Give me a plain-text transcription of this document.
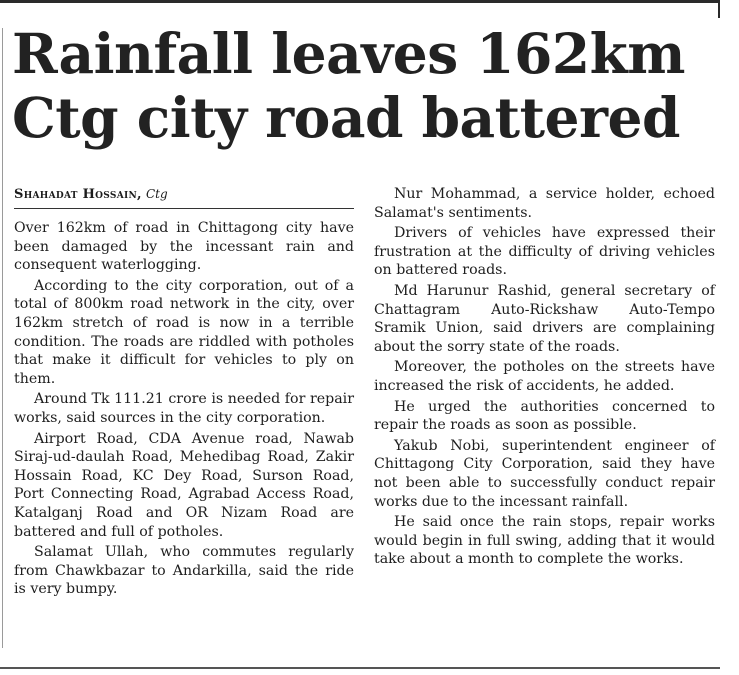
Rainfall leaves 162km Ctg city road battered
Shahadat Hossain, Ctg

Over 162km of road in Chittagong city have been damaged by the incessant rain and consequent waterlogging.

According to the city corporation, out of a total of 800km road network in the city, over 162km stretch of road is now in a terrible condition. The roads are riddled with potholes that make it difficult for vehicles to ply on them.

Around Tk 111.21 crore is needed for repair works, said sources in the city corporation.

Airport Road, CDA Avenue road, Nawab Siraj-ud-daulah Road, Mehedibag Road, Zakir Hossain Road, KC Dey Road, Surson Road, Port Connecting Road, Agrabad Access Road, Katalganj Road and OR Nizam Road are battered and full of potholes.

Salamat Ullah, who commutes regularly from Chawkbazar to Andarkilla, said the ride is very bumpy.

Nur Mohammad, a service holder, echoed Salamat's sentiments.

Drivers of vehicles have expressed their frustration at the difficulty of driving vehicles on battered roads.

Md Harunur Rashid, general secretary of Chattagram Auto-Rickshaw Auto-Tempo Sramik Union, said drivers are complaining about the sorry state of the roads.

Moreover, the potholes on the streets have increased the risk of accidents, he added.

He urged the authorities concerned to repair the roads as soon as possible.

Yakub Nobi, superintendent engineer of Chittagong City Corporation, said they have not been able to successfully conduct repair works due to the incessant rainfall.

He said once the rain stops, repair works would begin in full swing, adding that it would take about a month to complete the works.
